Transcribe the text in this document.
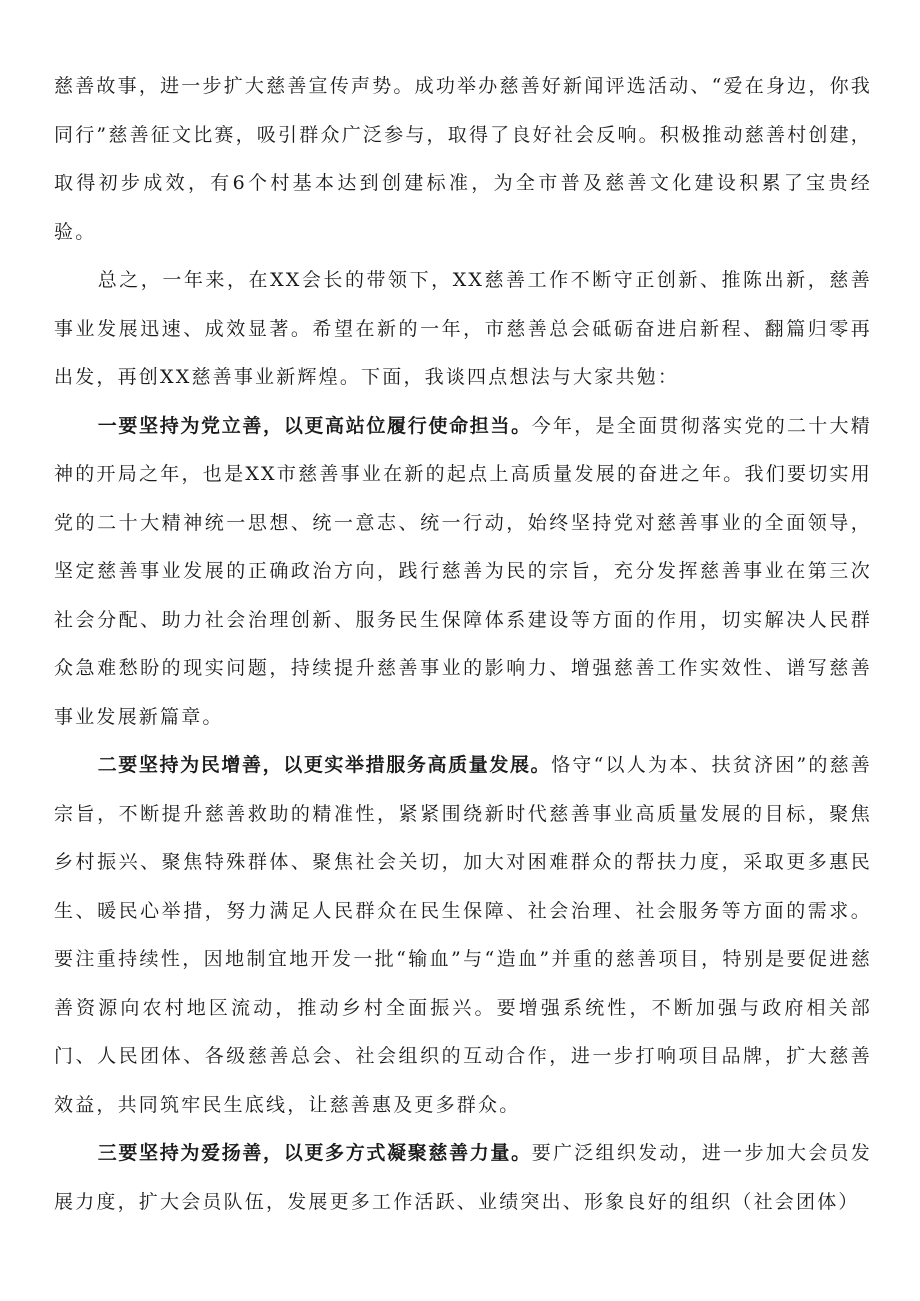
慈善故事，进一步扩大慈善宣传声势。成功举办慈善好新闻评选活动、“爱在身边，你我同行”慈善征文比赛，吸引群众广泛参与，取得了良好社会反响。积极推动慈善村创建，取得初步成效，有6个村基本达到创建标准，为全市普及慈善文化建设积累了宝贵经验。

总之，一年来，在XX会长的带领下，XX慈善工作不断守正创新、推陈出新，慈善事业发展迅速、成效显著。希望在新的一年，市慈善总会砥砺奋进启新程、翻篇归零再出发，再创XX慈善事业新辉煌。下面，我谈四点想法与大家共勉：

一要坚持为党立善，以更高站位履行使命担当。今年，是全面贯彻落实党的二十大精神的开局之年，也是XX市慈善事业在新的起点上高质量发展的奋进之年。我们要切实用党的二十大精神统一思想、统一意志、统一行动，始终坚持党对慈善事业的全面领导，坚定慈善事业发展的正确政治方向，践行慈善为民的宗旨，充分发挥慈善事业在第三次社会分配、助力社会治理创新、服务民生保障体系建设等方面的作用，切实解决人民群众急难愁盼的现实问题，持续提升慈善事业的影响力、增强慈善工作实效性、谱写慈善事业发展新篇章。

二要坚持为民增善，以更实举措服务高质量发展。恪守“以人为本、扶贫济困”的慈善宗旨，不断提升慈善救助的精准性，紧紧围绕新时代慈善事业高质量发展的目标，聚焦乡村振兴、聚焦特殊群体、聚焦社会关切，加大对困难群众的帮扶力度，采取更多惠民生、暖民心举措，努力满足人民群众在民生保障、社会治理、社会服务等方面的需求。要注重持续性，因地制宜地开发一批“输血”与“造血”并重的慈善项目，特别是要促进慈善资源向农村地区流动，推动乡村全面振兴。要增强系统性，不断加强与政府相关部门、人民团体、各级慈善总会、社会组织的互动合作，进一步打响项目品牌，扩大慈善效益，共同筑牢民生底线，让慈善惠及更多群众。

三要坚持为爱扬善，以更多方式凝聚慈善力量。要广泛组织发动，进一步加大会员发展力度，扩大会员队伍，发展更多工作活跃、业绩突出、形象良好的组织（社会团体）
